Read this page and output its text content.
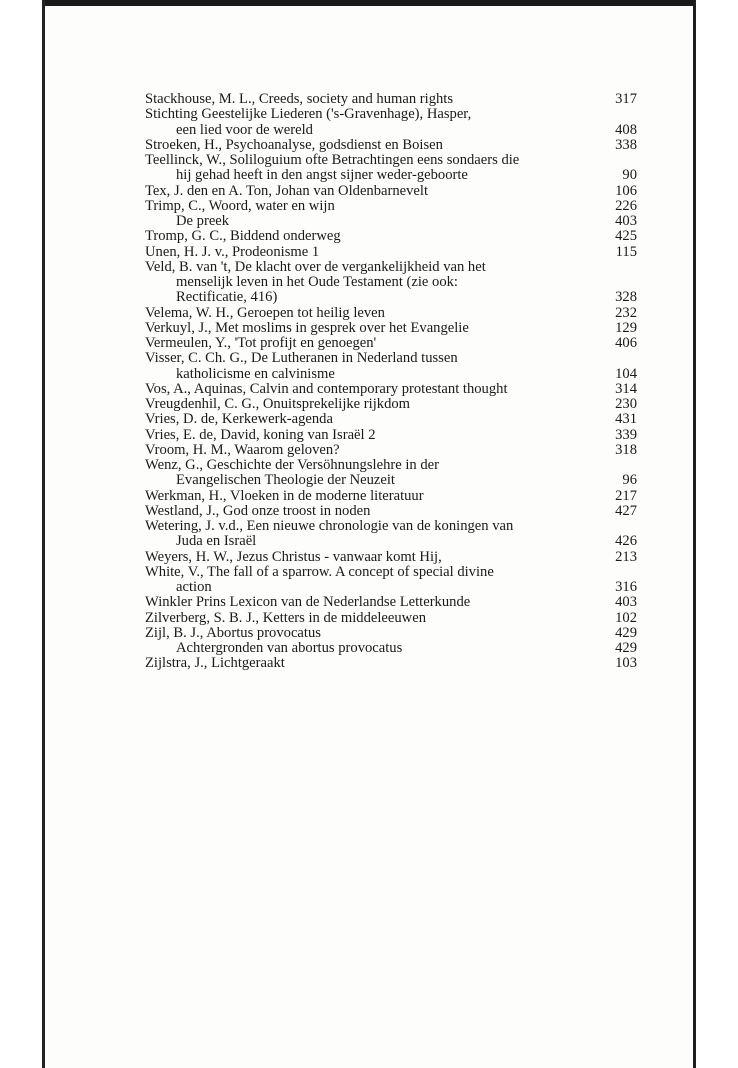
Stackhouse, M. L., Creeds, society and human rights	317
Stichting Geestelijke Liederen ('s-Gravenhage), Hasper,
een lied voor de wereld	408
Stroeken, H., Psychoanalyse, godsdienst en Boisen	338
Teellinck, W., Soliloguium ofte Betrachtingen eens sondaers die
hij gehad heeft in den angst sijner weder-geboorte	90
Tex, J. den en A. Ton, Johan van Oldenbarnevelt	106
Trimp, C., Woord, water en wijn	226
De preek	403
Tromp, G. C., Biddend onderweg	425
Unen, H. J. v., Prodeonisme 1	115
Veld, B. van 't, De klacht over de vergankelijkheid van het
menselijk leven in het Oude Testament (zie ook:
Rectificatie, 416)	328
Velema, W. H., Geroepen tot heilig leven	232
Verkuyl, J., Met moslims in gesprek over het Evangelie	129
Vermeulen, Y., 'Tot profijt en genoegen'	406
Visser, C. Ch. G., De Lutheranen in Nederland tussen
katholicisme en calvinisme	104
Vos, A., Aquinas, Calvin and contemporary protestant thought	314
Vreugdenhil, C. G., Onuitsprekelijke rijkdom	230
Vries, D. de, Kerkewerk-agenda	431
Vries, E. de, David, koning van Israël 2	339
Vroom, H. M., Waarom geloven?	318
Wenz, G., Geschichte der Versöhnungslehre in der
Evangelischen Theologie der Neuzeit	96
Werkman, H., Vloeken in de moderne literatuur	217
Westland, J., God onze troost in noden	427
Wetering, J. v.d., Een nieuwe chronologie van de koningen van
Juda en Israël	426
Weyers, H. W., Jezus Christus - vanwaar komt Hij,	213
White, V., The fall of a sparrow. A concept of special divine
action	316
Winkler Prins Lexicon van de Nederlandse Letterkunde	403
Zilverberg, S. B. J., Ketters in de middeleeuwen	102
Zijl, B. J., Abortus provocatus	429
Achtergronden van abortus provocatus	429
Zijlstra, J., Lichtgeraakt	103
